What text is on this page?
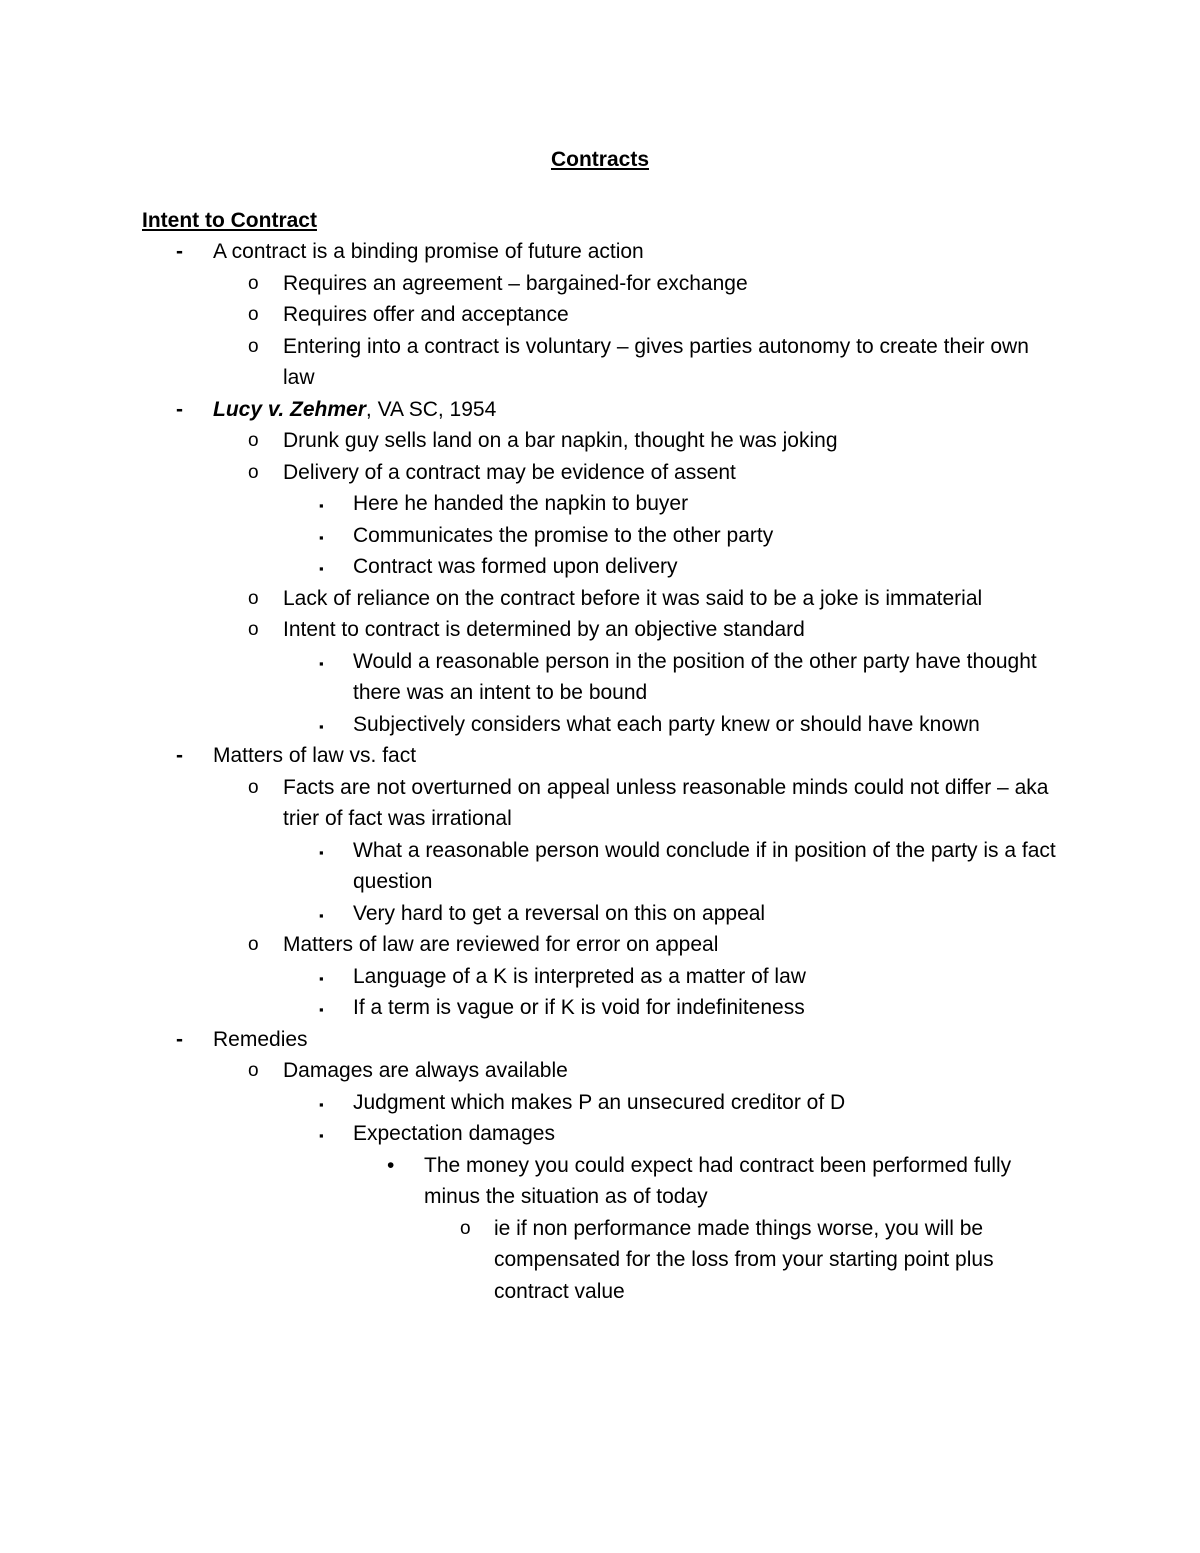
Contracts
Intent to Contract
- A contract is a binding promise of future action
o Requires an agreement – bargained-for exchange
o Requires offer and acceptance
o Entering into a contract is voluntary – gives parties autonomy to create their own law
- Lucy v. Zehmer, VA SC, 1954
o Drunk guy sells land on a bar napkin, thought he was joking
o Delivery of a contract may be evidence of assent
▪ Here he handed the napkin to buyer
▪ Communicates the promise to the other party
▪ Contract was formed upon delivery
o Lack of reliance on the contract before it was said to be a joke is immaterial
o Intent to contract is determined by an objective standard
▪ Would a reasonable person in the position of the other party have thought there was an intent to be bound
▪ Subjectively considers what each party knew or should have known
- Matters of law vs. fact
o Facts are not overturned on appeal unless reasonable minds could not differ – aka trier of fact was irrational
▪ What a reasonable person would conclude if in position of the party is a fact question
▪ Very hard to get a reversal on this on appeal
o Matters of law are reviewed for error on appeal
▪ Language of a K is interpreted as a matter of law
▪ If a term is vague or if K is void for indefiniteness
- Remedies
o Damages are always available
▪ Judgment which makes P an unsecured creditor of D
▪ Expectation damages
• The money you could expect had contract been performed fully minus the situation as of today
o ie if non performance made things worse, you will be compensated for the loss from your starting point plus contract value
